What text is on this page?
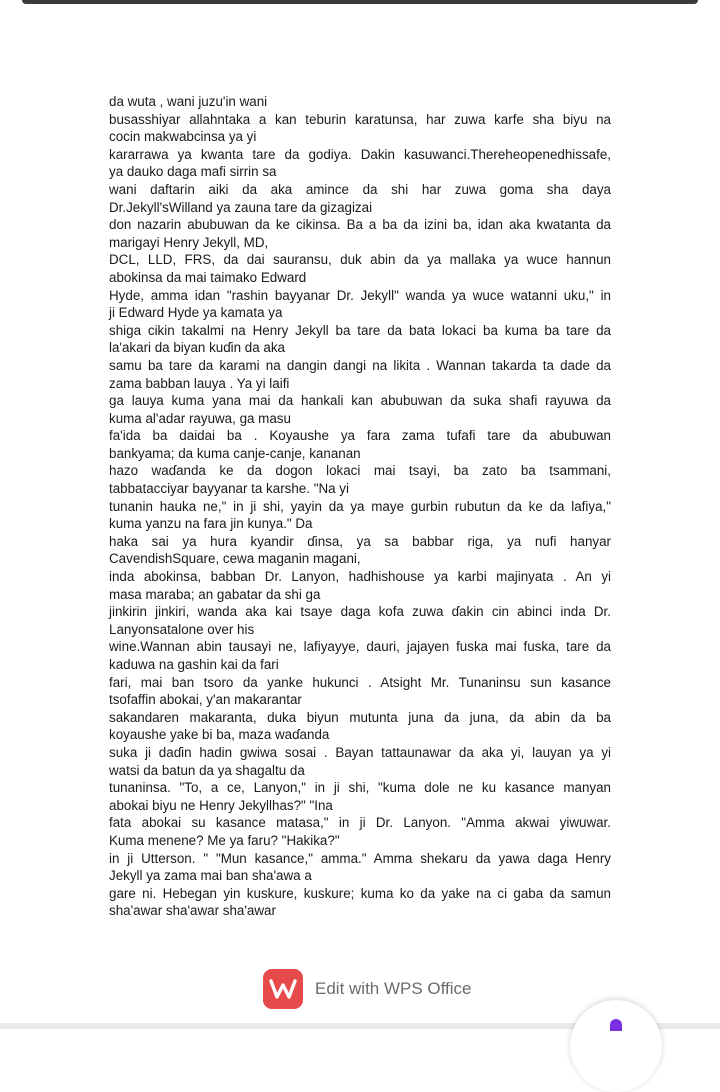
da wuta , wani juzu'in wani

busasshiyar allahntaka a kan teburin karatunsa, har zuwa karfe sha biyu na

cocin makwabcinsa ya yi

kararrawa ya kwanta tare da godiya. Dakin kasuwanci.Thereheopenedhissafe,

ya dauko daga mafi sirrin sa

wani daftarin aiki da aka amince da shi har zuwa goma sha daya

Dr.Jekyll'sWilland ya zauna tare da gizagizai

don nazarin abubuwan da ke cikinsa. Ba a ba da izini ba, idan aka kwatanta da

marigayi Henry Jekyll, MD,

DCL, LLD, FRS, da dai sauransu, duk abin da ya mallaka ya wuce hannun

abokinsa da mai taimako Edward

Hyde, amma idan "rashin bayyanar Dr. Jekyll" wanda ya wuce watanni uku," in

ji Edward Hyde ya kamata ya

shiga cikin takalmi na Henry Jekyll ba tare da bata lokaci ba kuma ba tare da

la'akari da biyan kuɗin da aka

samu ba tare da karami na dangin dangi na likita . Wannan takarda ta dade da

zama babban lauya . Ya yi laifi

ga lauya kuma yana mai da hankali kan abubuwan da suka shafi rayuwa da

kuma al'adar rayuwa, ga masu

fa'ida ba daidai ba . Koyaushe ya fara zama tufafi tare da abubuwan

bankyama; da kuma canje-canje, kananan

hazo waɗanda ke da dogon lokaci mai tsayi, ba zato ba tsammani,

tabbatacciyar bayyanar ta karshe. "Na yi

tunanin hauka ne," in ji shi, yayin da ya maye gurbin rubutun da ke da lafiya,"

kuma yanzu na fara jin kunya." Da

haka sai ya hura kyandir ɗinsa, ya sa babbar riga, ya nufi hanyar

CavendishSquare, cewa maganin magani,

inda abokinsa, babban Dr. Lanyon, hadhishouse ya karbi majinyata . An yi

masa maraba; an gabatar da shi ga

jinkirin jinkiri, wanda aka kai tsaye daga kofa zuwa ɗakin cin abinci inda Dr.

Lanyonsatalone over his

wine.Wannan abin tausayi ne, lafiyayye, dauri, jajayen fuska mai fuska, tare da

kaduwa na gashin kai da fari

fari, mai ban tsoro da yanke hukunci . Atsight Mr. Tunaninsu sun kasance

tsofaffin abokai, y'an makarantar

sakandaren makaranta, duka biyun mutunta juna da juna, da abin da ba

koyaushe yake bi ba, maza waɗanda

suka ji daɗin hadin gwiwa sosai . Bayan tattaunawar da aka yi, lauyan ya yi

watsi da batun da ya shagaltu da

tunaninsa. "To, a ce, Lanyon," in ji shi, "kuma dole ne ku kasance manyan

abokai biyu ne Henry Jekyllhas?" "Ina

fata abokai su kasance matasa," in ji Dr. Lanyon. "Amma akwai yiwuwar.

Kuma menene? Me ya faru? "Hakika?"

in ji Utterson. " "Mun kasance," amma." Amma shekaru da yawa daga Henry

Jekyll ya zama mai ban sha'awa a

gare ni. Hebegan yin kuskure, kuskure; kuma ko da yake na ci gaba da samun

sha'awar sha'awar sha'awar

Edit with WPS Office
